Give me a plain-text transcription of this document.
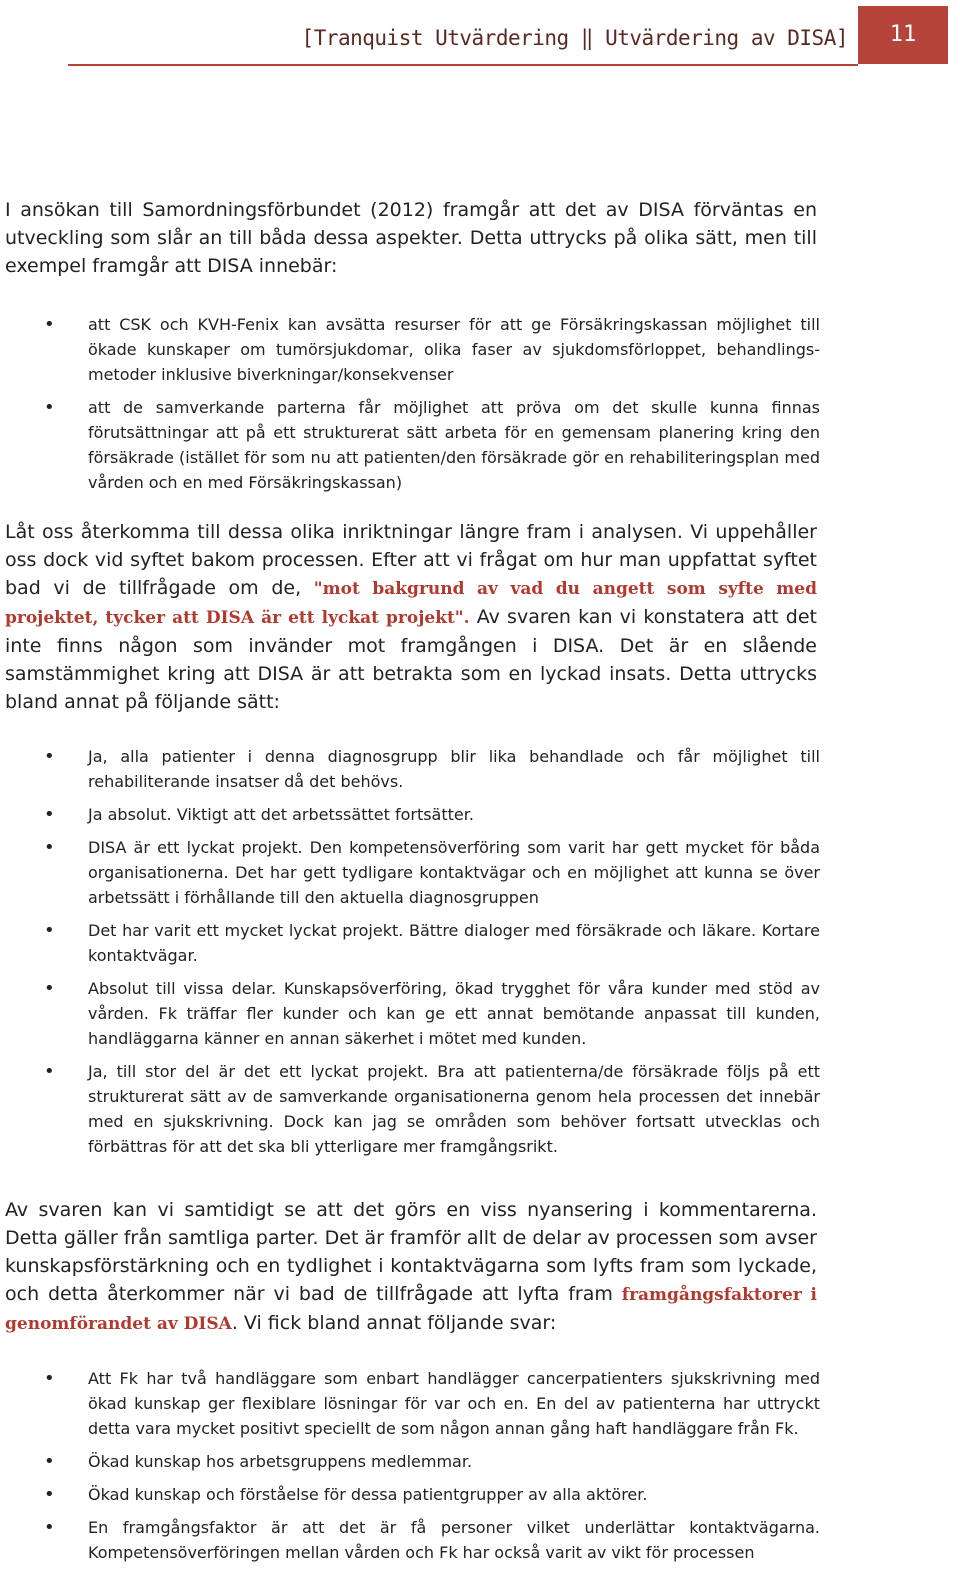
[Tranquist Utvärdering ‖ Utvärdering av DISA]	11

I ansökan till Samordningsförbundet (2012) framgår att det av DISA förväntas en utveckling som slår an till båda dessa aspekter. Detta uttrycks på olika sätt, men till exempel framgår att DISA innebär:

• att CSK och KVH-Fenix kan avsätta resurser för att ge Försäkringskassan möjlighet till ökade kunskaper om tumörsjukdomar, olika faser av sjukdomsförloppet, behandlings-metoder inklusive biverkningar/konsekvenser
• att de samverkande parterna får möjlighet att pröva om det skulle kunna finnas förutsättningar att på ett strukturerat sätt arbeta för en gemensam planering kring den försäkrade (istället för som nu att patienten/den försäkrade gör en rehabiliteringsplan med vården och en med Försäkringskassan)

Låt oss återkomma till dessa olika inriktningar längre fram i analysen. Vi uppehåller oss dock vid syftet bakom processen. Efter att vi frågat om hur man uppfattat syftet bad vi de tillfrågade om de, "mot bakgrund av vad du angett som syfte med projektet, tycker att DISA är ett lyckat projekt". Av svaren kan vi konstatera att det inte finns någon som invänder mot framgången i DISA. Det är en slående samstämmighet kring att DISA är att betrakta som en lyckad insats. Detta uttrycks bland annat på följande sätt:

• Ja, alla patienter i denna diagnosgrupp blir lika behandlade och får möjlighet till rehabiliterande insatser då det behövs.
• Ja absolut. Viktigt att det arbetssättet fortsätter.
• DISA är ett lyckat projekt. Den kompetensöverföring som varit har gett mycket för båda organisationerna. Det har gett tydligare kontaktvägar och en möjlighet att kunna se över arbetssätt i förhållande till den aktuella diagnosgruppen
• Det har varit ett mycket lyckat projekt. Bättre dialoger med försäkrade och läkare. Kortare kontaktvägar.
• Absolut till vissa delar. Kunskapsöverföring, ökad trygghet för våra kunder med stöd av vården. Fk träffar fler kunder och kan ge ett annat bemötande anpassat till kunden, handläggarna känner en annan säkerhet i mötet med kunden.
• Ja, till stor del är det ett lyckat projekt. Bra att patienterna/de försäkrade följs på ett strukturerat sätt av de samverkande organisationerna genom hela processen det innebär med en sjukskrivning. Dock kan jag se områden som behöver fortsatt utvecklas och förbättras för att det ska bli ytterligare mer framgångsrikt.

Av svaren kan vi samtidigt se att det görs en viss nyansering i kommentarerna. Detta gäller från samtliga parter. Det är framför allt de delar av processen som avser kunskapsförstärkning och en tydlighet i kontaktvägarna som lyfts fram som lyckade, och detta återkommer när vi bad de tillfrågade att lyfta fram framgångsfaktorer i genomförandet av DISA. Vi fick bland annat följande svar:

• Att Fk har två handläggare som enbart handlägger cancerpatienters sjukskrivning med ökad kunskap ger flexiblare lösningar för var och en. En del av patienterna har uttryckt detta vara mycket positivt speciellt de som någon annan gång haft handläggare från Fk.
• Ökad kunskap hos arbetsgruppens medlemmar.
• Ökad kunskap och förståelse för dessa patientgrupper av alla aktörer.
• En framgångsfaktor är att det är få personer vilket underlättar kontaktvägarna. Kompetensöverföringen mellan vården och Fk har också varit av vikt för processen
